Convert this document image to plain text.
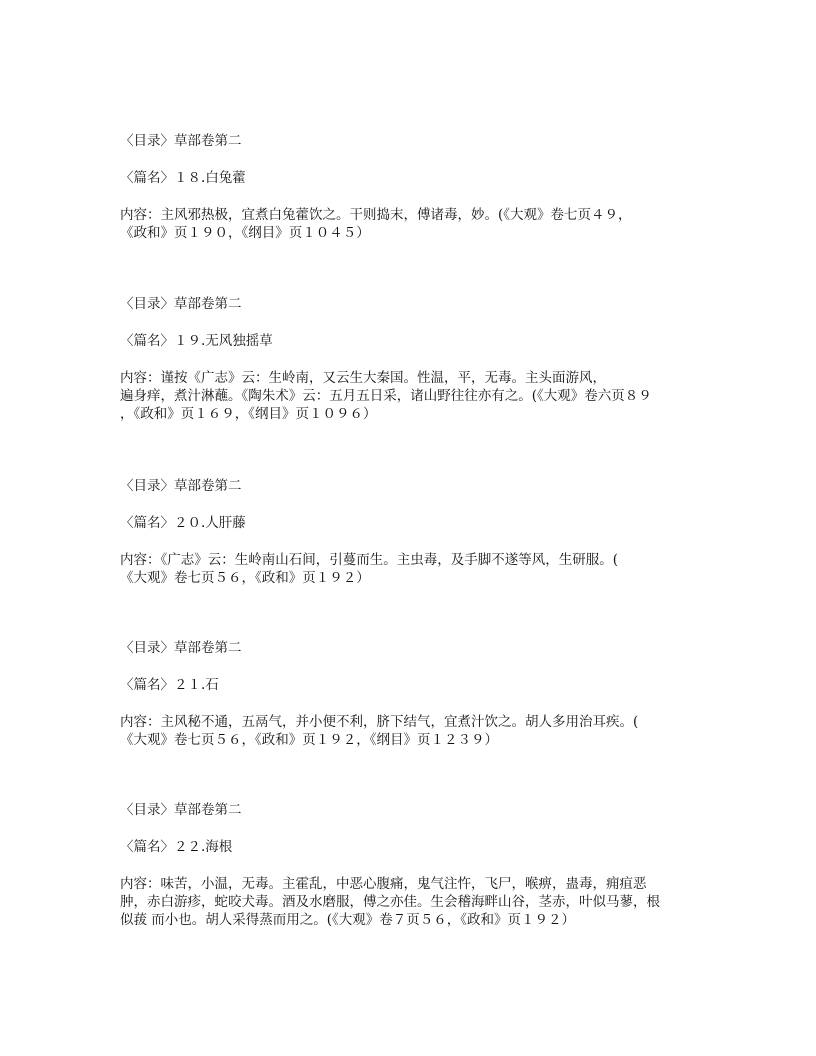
〈目录〉草部卷第二

〈篇名〉１８.白兔藿

内容：主风邪热极，宜煮白兔藿饮之。干则捣末，傅诸毒，妙。(《大观》卷七页４９，

《政和》页１９０，《纲目》页１０４５）

〈目录〉草部卷第二

〈篇名〉１９.无风独摇草

内容：谨按《广志》云：生岭南，又云生大秦国。性温，平，无毒。主头面游风，

遍身痒，煮汁淋蘸。《陶朱术》云：五月五日采，诸山野往往亦有之。(《大观》卷六页８９

，《政和》页１６９，《纲目》页１０９６）

〈目录〉草部卷第二

〈篇名〉２０.人肝藤

内容：《广志》云：生岭南山石间，引蔓而生。主虫毒，及手脚不遂等风，生研服。(

《大观》卷七页５６，《政和》页１９２）

〈目录〉草部卷第二

〈篇名〉２１.石

内容：主风秘不通，五鬲气，并小便不利，脐下结气，宜煮汁饮之。胡人多用治耳疾。(

《大观》卷七页５６，《政和》页１９２，《纲目》页１２３９）

〈目录〉草部卷第二

〈篇名〉２２.海根

内容：味苦，小温，无毒。主霍乱，中恶心腹痛，鬼气注忤，飞尸，喉痹，蛊毒，痈疽恶

肿，赤白游疹，蛇咬犬毒。酒及水磨服，傅之亦佳。生会稽海畔山谷，茎赤，叶似马蓼，根

似菝 而小也。胡人采得蒸而用之。(《大观》卷７页５６，《政和》页１９２）
